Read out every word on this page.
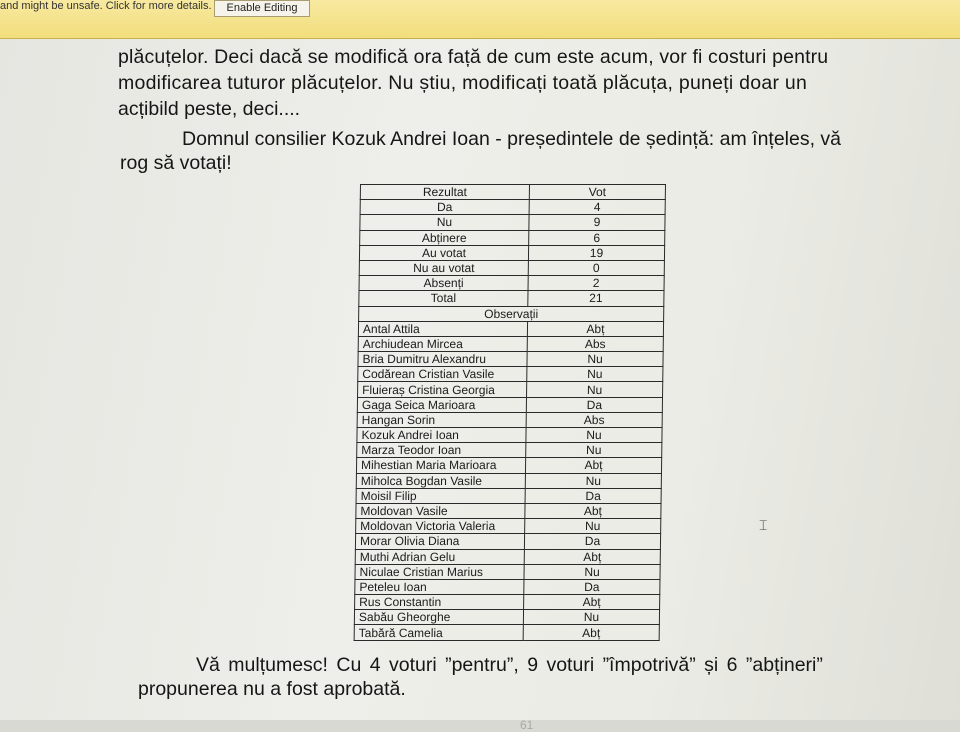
plăcuțelor. Deci dacă se modifică ora față de cum este acum, vor fi costuri pentru
modificarea tuturor plăcuțelor. Nu știu, modificați toată plăcuța, puneți doar un
acțibild peste, deci....
Domnul consilier Kozuk Andrei Ioan - președintele de ședință: am înțeles, vă
rog să votați!
Rezultat	Vot
Da	4
Nu	9
Abținere	6
Au votat	19
Nu au votat	0
Absenți	2
Total	21
Observații	
Antal Attila	Abț
Archiudean Mircea	Abs
Bria Dumitru Alexandru	Nu
Codărean Cristian Vasile	Nu
Fluieraș Cristina Georgia	Nu
Gaga Seica Marioara	Da
Hangan Sorin	Abs
Kozuk Andrei Ioan	Nu
Marza Teodor Ioan	Nu
Mihestian Maria Marioara	Abț
Miholca Bogdan Vasile	Nu
Moisil Filip	Da
Moldovan Vasile	Abț
Moldovan Victoria Valeria	Nu
Morar Olivia Diana	Da
Muthi Adrian Gelu	Abț
Niculae Cristian Marius	Nu
Peteleu Ioan	Da
Rus Constantin	Abț
Sabău Gheorghe	Nu
Tabără Camelia	Abț
⌶
Vă mulțumesc! Cu 4 voturi ”pentru”, 9 voturi ”împotrivă” și 6 ”abțineri”
propunerea nu a fost aprobată.
61
and might be unsafe. Click for more details.	Enable Editing
